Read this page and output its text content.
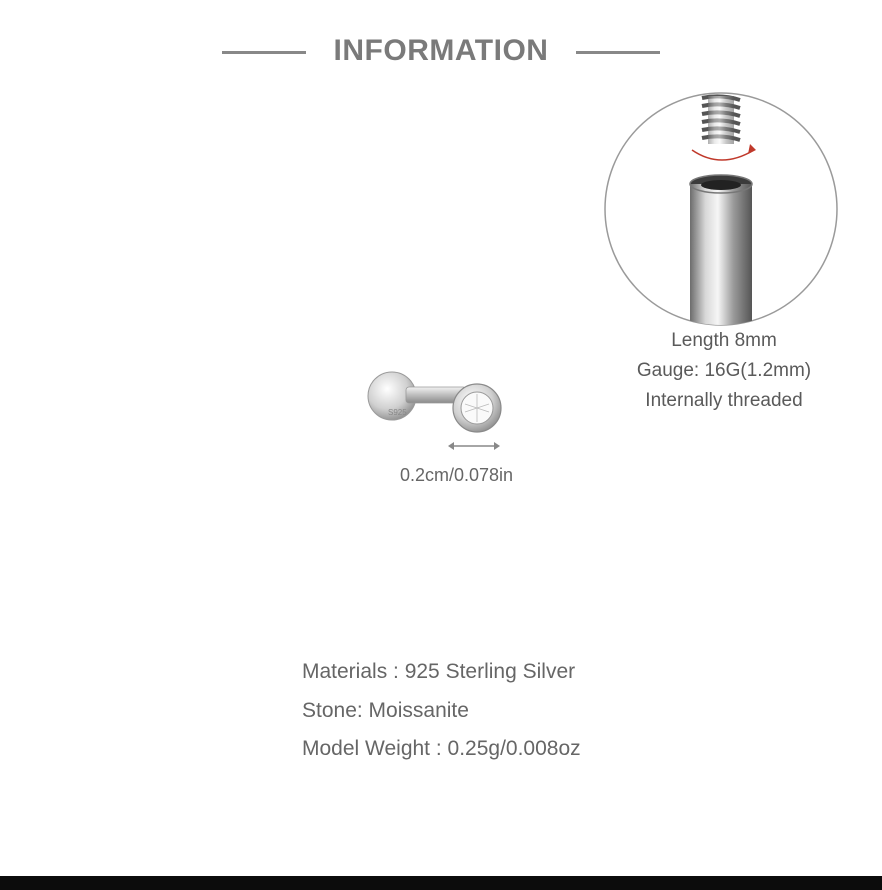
INFORMATION
Length 8mm
Gauge: 16G(1.2mm)
Internally threaded
S925
0.2cm/0.078in
Materials : 925 Sterling Silver
Stone: Moissanite
Model Weight : 0.25g/0.008oz
